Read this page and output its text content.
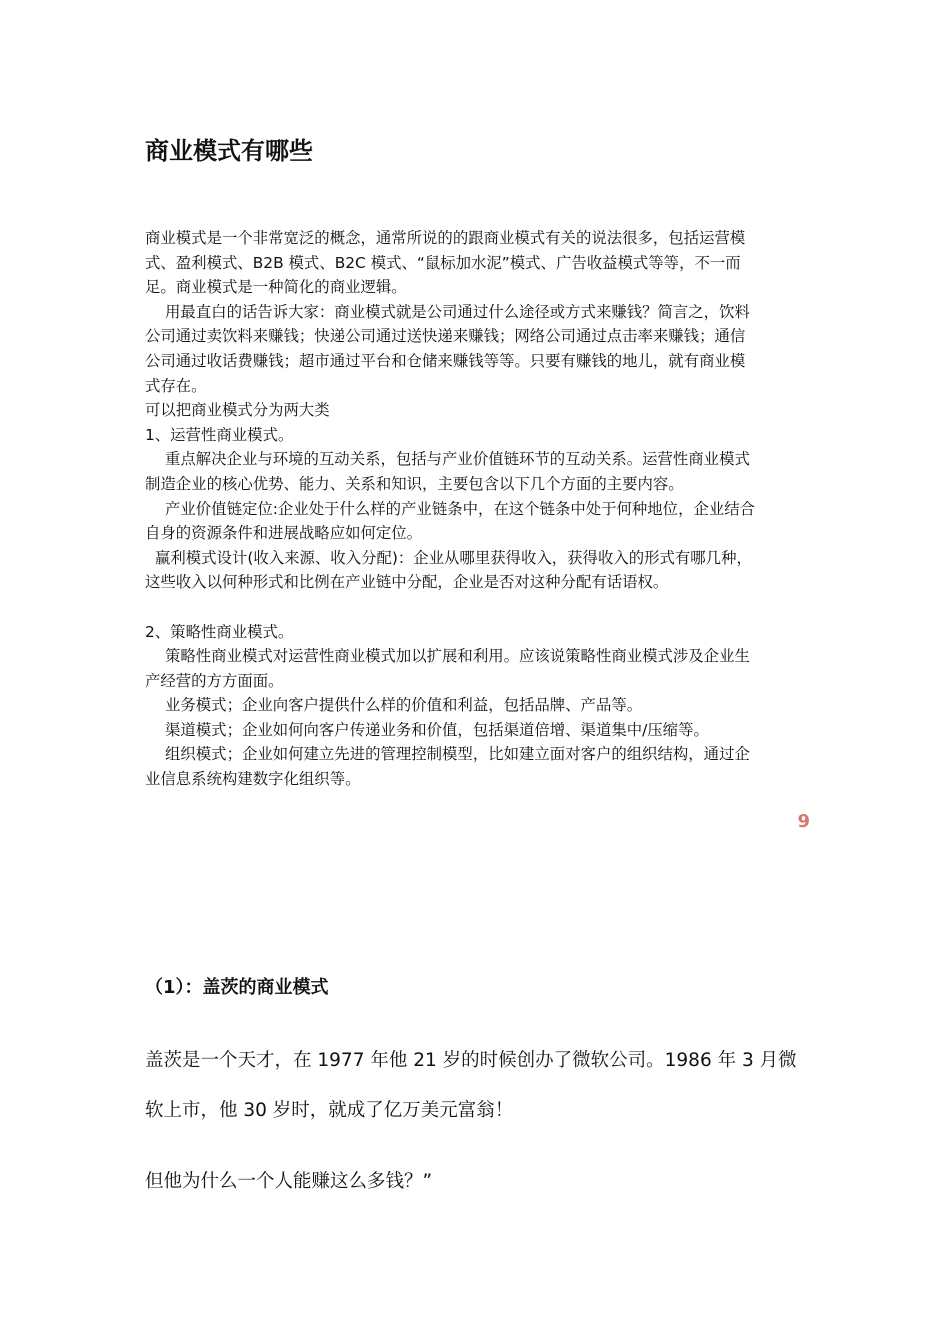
商业模式有哪些
商业模式是一个非常宽泛的概念，通常所说的的跟商业模式有关的说法很多，包括运营模
式、盈利模式、B2B 模式、B2C 模式、“鼠标加水泥”模式、广告收益模式等等，不一而
足。商业模式是一种简化的商业逻辑。
用最直白的话告诉大家：商业模式就是公司通过什么途径或方式来赚钱？简言之，饮料
公司通过卖饮料来赚钱；快递公司通过送快递来赚钱；网络公司通过点击率来赚钱；通信
公司通过收话费赚钱；超市通过平台和仓储来赚钱等等。只要有赚钱的地儿，就有商业模
式存在。
可以把商业模式分为两大类
1、运营性商业模式。
重点解决企业与环境的互动关系，包括与产业价值链环节的互动关系。运营性商业模式
制造企业的核心优势、能力、关系和知识，主要包含以下几个方面的主要内容。
产业价值链定位:企业处于什么样的产业链条中，在这个链条中处于何种地位，企业结合
自身的资源条件和进展战略应如何定位。
赢利模式设计(收入来源、收入分配)：企业从哪里获得收入，获得收入的形式有哪几种，
这些收入以何种形式和比例在产业链中分配，企业是否对这种分配有话语权。
2、策略性商业模式。
策略性商业模式对运营性商业模式加以扩展和利用。应该说策略性商业模式涉及企业生
产经营的方方面面。
业务模式；企业向客户提供什么样的价值和利益，包括品牌、产品等。
渠道模式；企业如何向客户传递业务和价值，包括渠道倍增、渠道集中/压缩等。
组织模式；企业如何建立先进的管理控制模型，比如建立面对客户的组织结构，通过企
业信息系统构建数字化组织等。
9
（1）：盖茨的商业模式

盖茨是一个天才，在 1977 年他 21 岁的时候创办了微软公司。1986 年 3 月微

软上市，他 30 岁时，就成了亿万美元富翁！

但他为什么一个人能赚这么多钱？”
